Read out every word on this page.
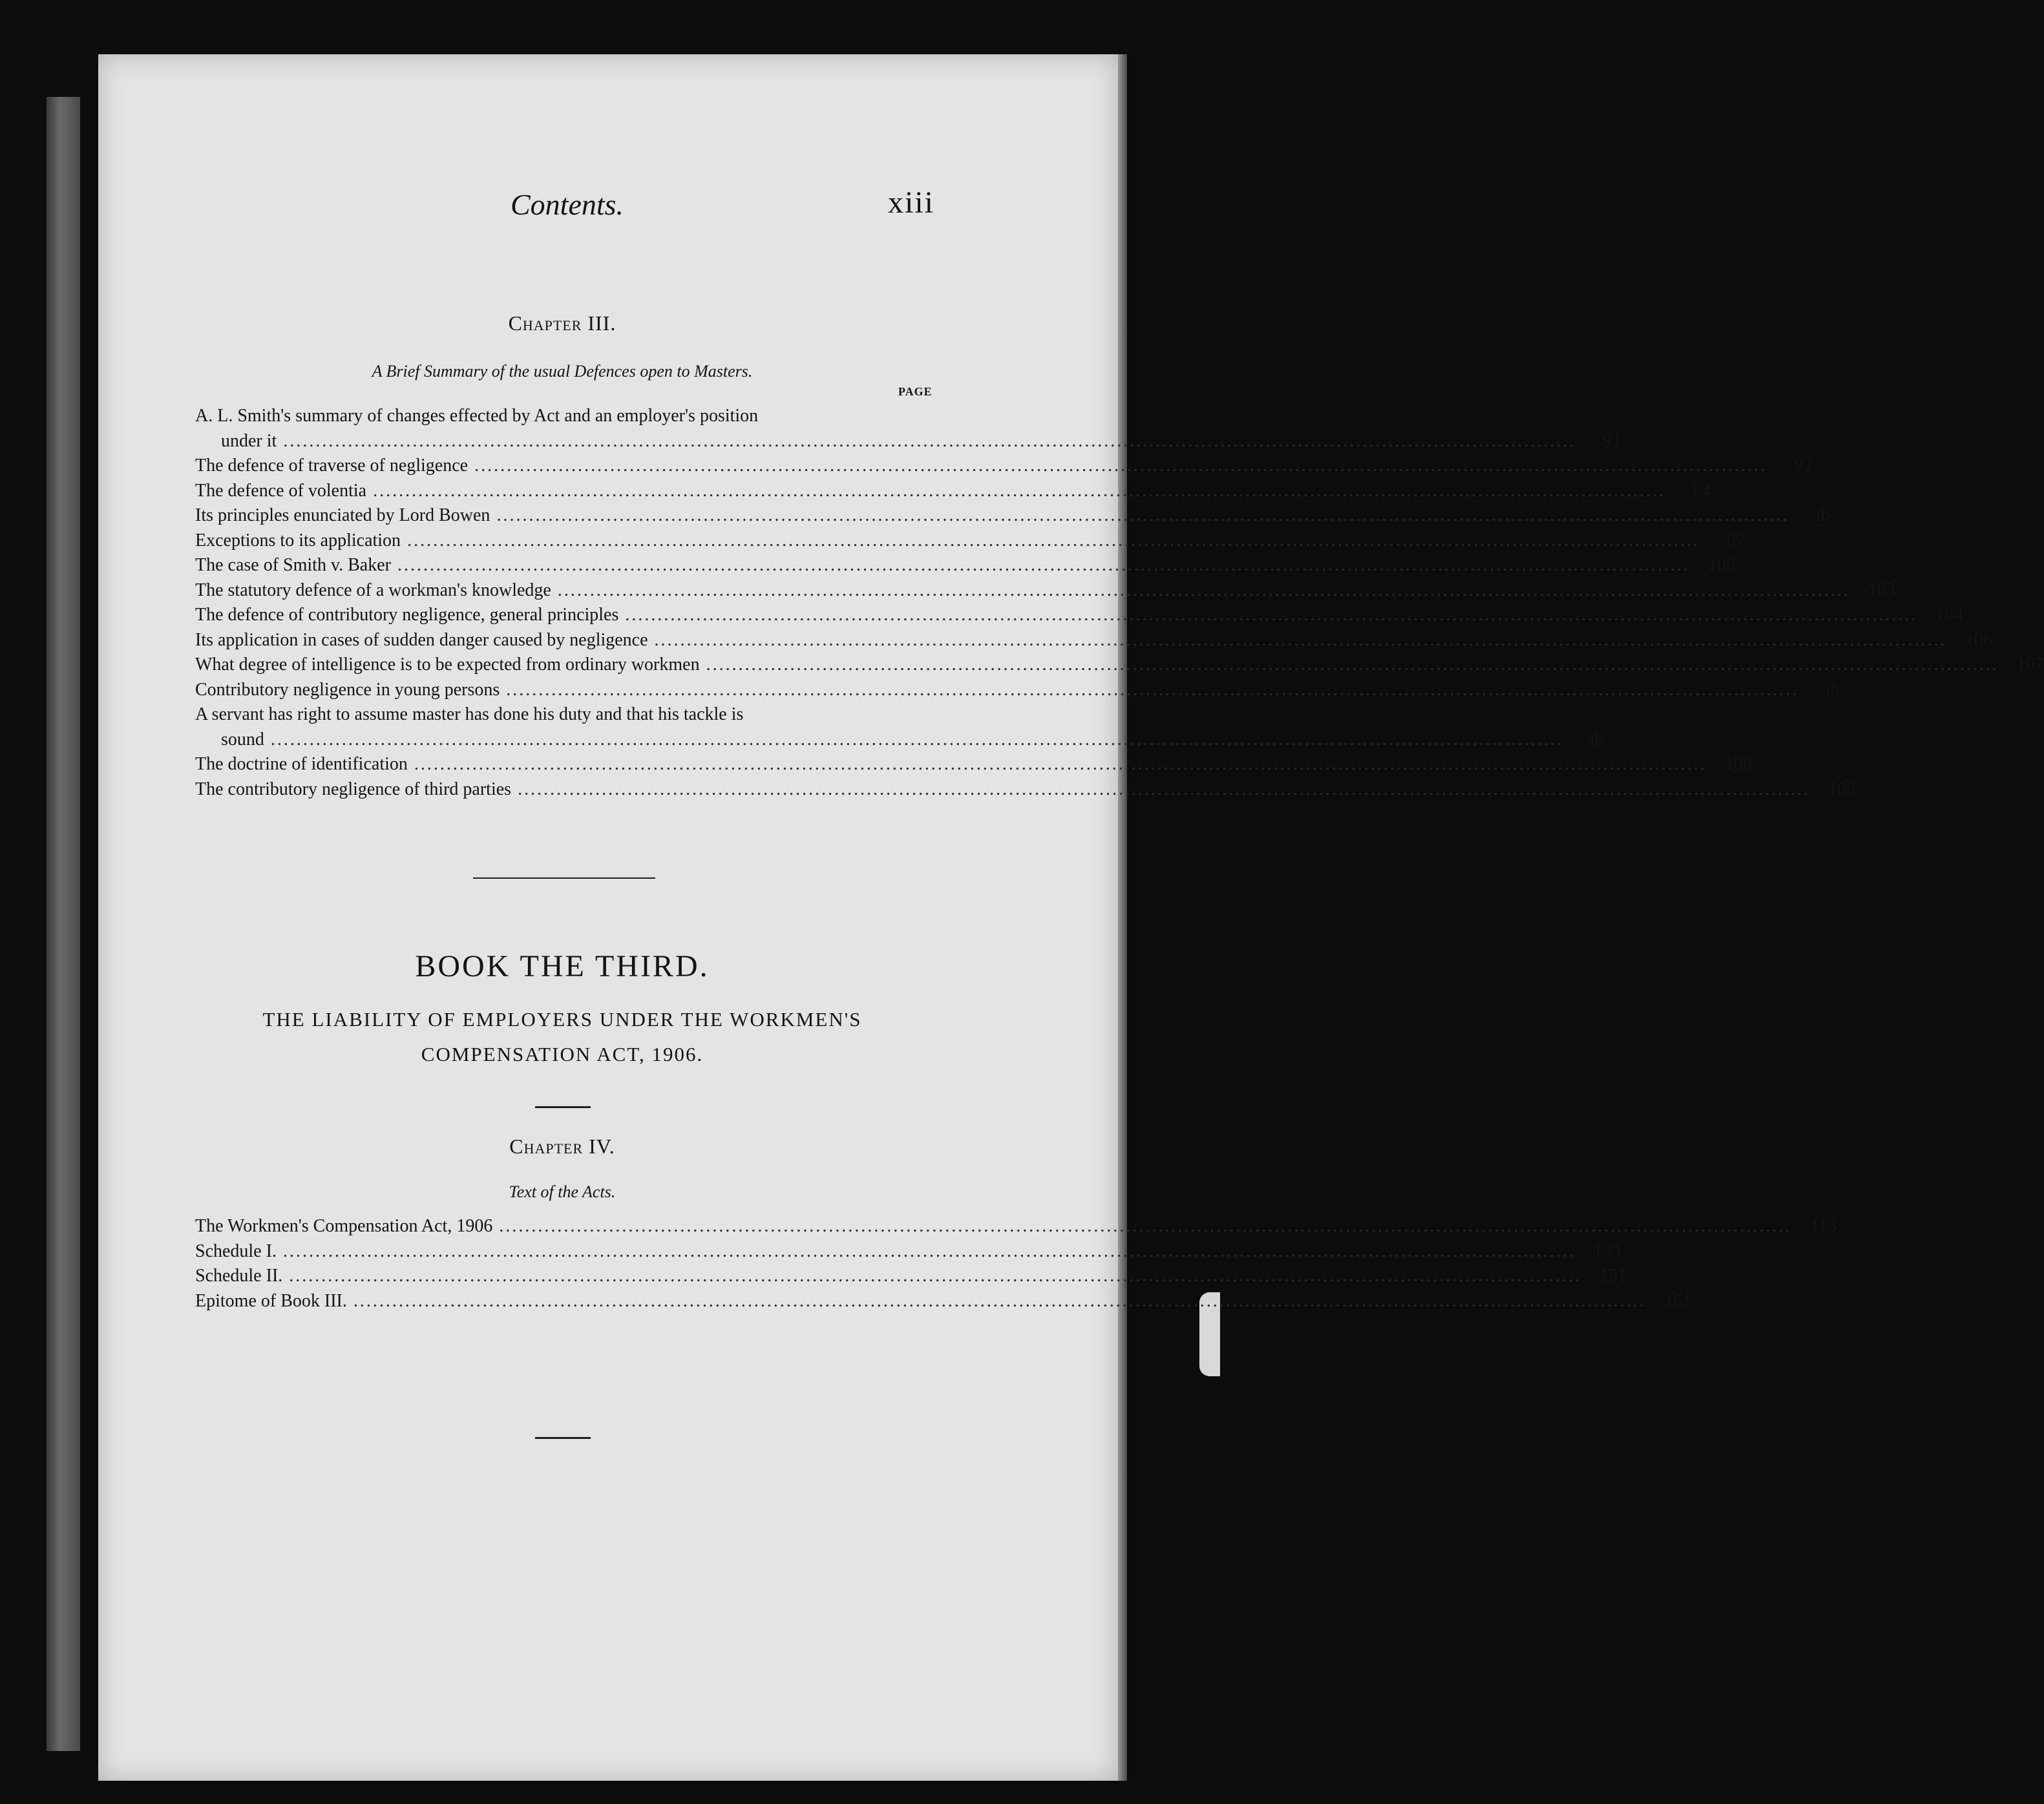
Contents.	xiii
Chapter III.
A Brief Summary of the usual Defences open to Masters.
PAGE
A. L. Smith's summary of changes effected by Act and an employer's position
under it ........................................................................................................................................................................................................	91
The defence of traverse of negligence ........................................................................................................................................................................................................	92
The defence of volentia ........................................................................................................................................................................................................	94
Its principles enunciated by Lord Bowen ........................................................................................................................................................................................................	ib.
Exceptions to its application ........................................................................................................................................................................................................	97
The case of Smith v. Baker ........................................................................................................................................................................................................	100
The statutory defence of a workman's knowledge ........................................................................................................................................................................................................	103
The defence of contributory negligence, general principles ........................................................................................................................................................................................................	104
Its application in cases of sudden danger caused by negligence ........................................................................................................................................................................................................	106
What degree of intelligence is to be expected from ordinary workmen ........................................................................................................................................................................................................	107
Contributory negligence in young persons ........................................................................................................................................................................................................	ib.
A servant has right to assume master has done his duty and that his tackle is
sound ........................................................................................................................................................................................................	ib.
The doctrine of identification ........................................................................................................................................................................................................	108
The contributory negligence of third parties ........................................................................................................................................................................................................	109
BOOK THE THIRD.
THE LIABILITY OF EMPLOYERS UNDER THE WORKMEN'S
COMPENSATION ACT, 1906.
Chapter IV.
Text of the Acts.
The Workmen's Compensation Act, 1906 ........................................................................................................................................................................................................	113
Schedule I. ........................................................................................................................................................................................................	139
Schedule II. ........................................................................................................................................................................................................	151
Epitome of Book III. ........................................................................................................................................................................................................	161
